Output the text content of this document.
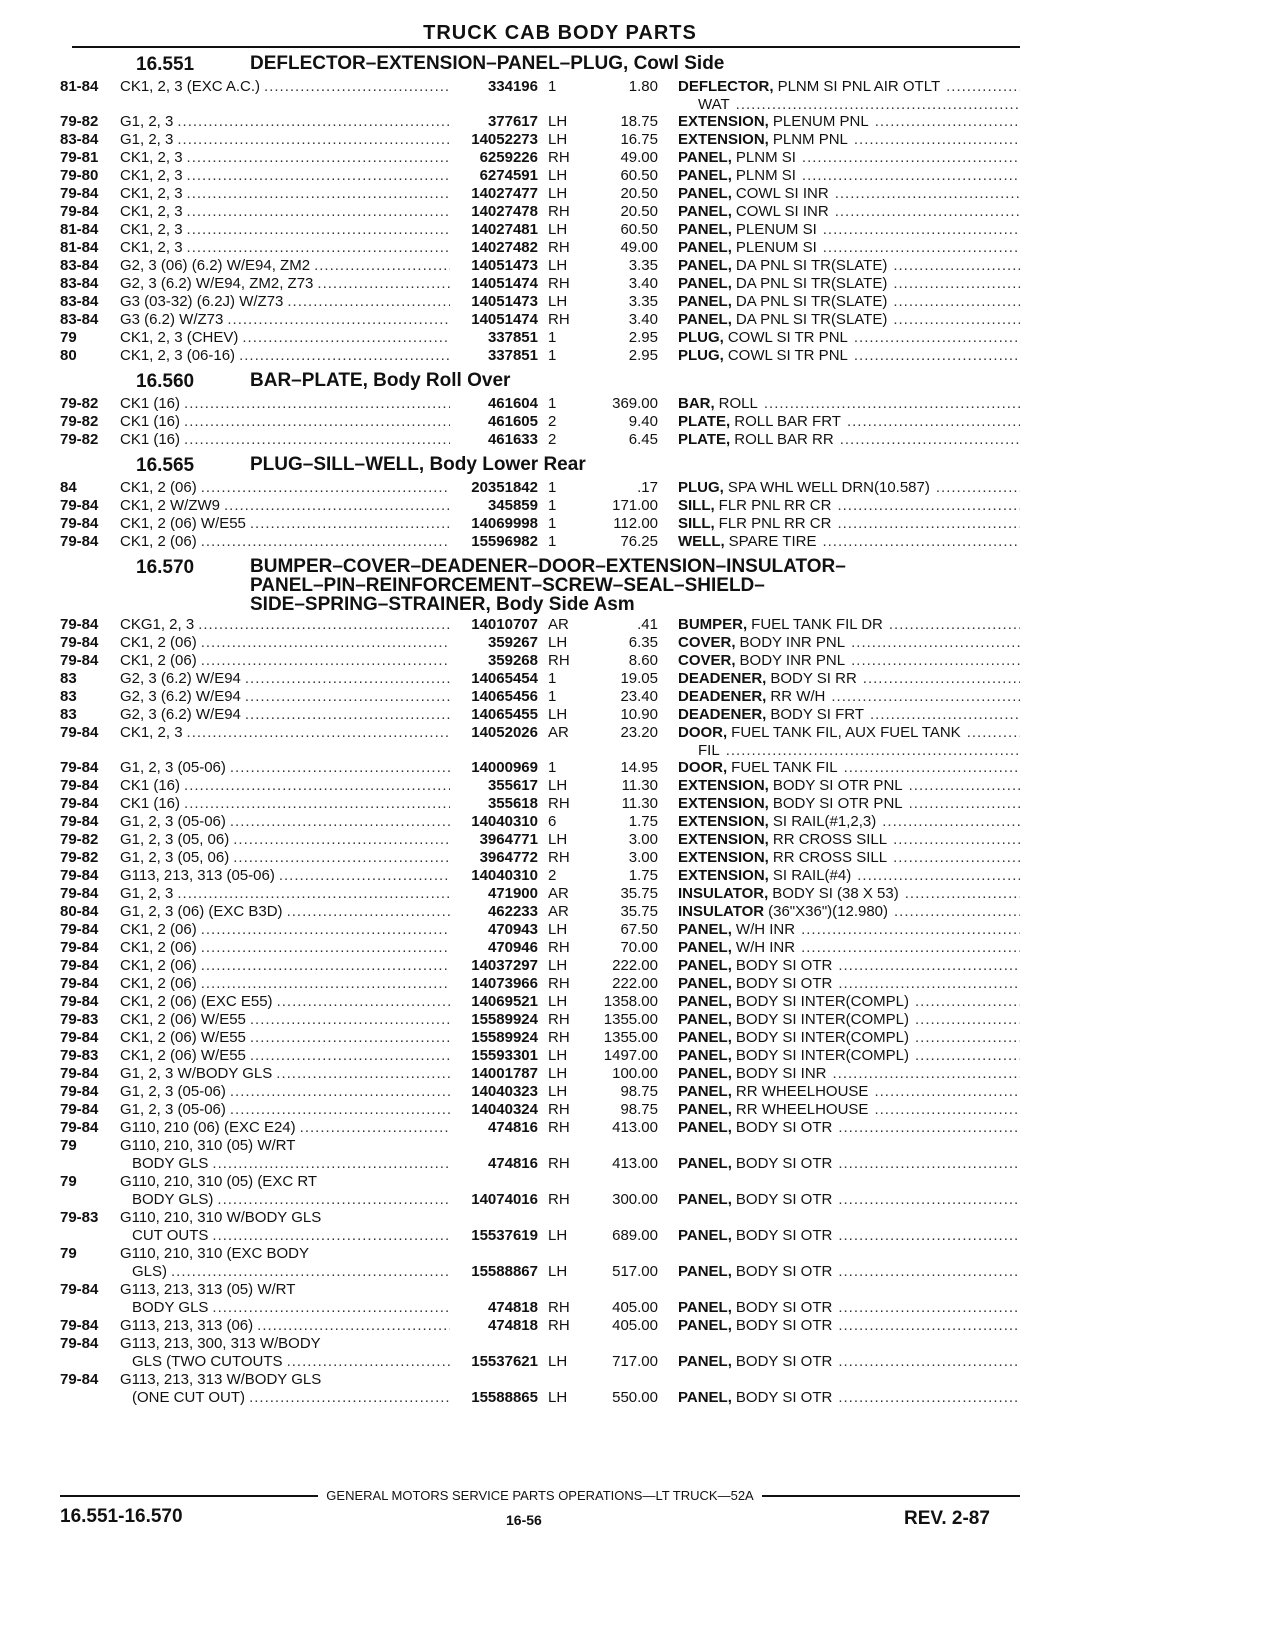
TRUCK CAB BODY PARTS
16.551	DEFLECTOR–EXTENSION–PANEL–PLUG, Cowl Side
81-84	CK1, 2, 3 (EXC A.C.) .....	334196 1	1.80 DEFLECTOR, PLNM SI PNL AIR OTLT
.....
WAT
.....
79-82	G1, 2, 3 .....	377617 LH	18.75 EXTENSION, PLENUM PNL
.....
83-84	G1, 2, 3 .....	14052273 LH	16.75 EXTENSION, PLNM PNL
.....
79-81	CK1, 2, 3 .....	6259226 RH	49.00 PANEL, PLNM SI
.....
79-80	CK1, 2, 3 .....	6274591 LH	60.50 PANEL, PLNM SI
.....
79-84	CK1, 2, 3 .....	14027477 LH	20.50 PANEL, COWL SI INR
.....
79-84	CK1, 2, 3 .....	14027478 RH	20.50 PANEL, COWL SI INR
.....
81-84	CK1, 2, 3 .....	14027481 LH	60.50 PANEL, PLENUM SI
.....
81-84	CK1, 2, 3 .....	14027482 RH	49.00 PANEL, PLENUM SI
.....
83-84	G2, 3 (06) (6.2) W/E94, ZM2 .....	14051473 LH	3.35 PANEL, DA PNL SI TR(SLATE)
.....
83-84	G2, 3 (6.2) W/E94, ZM2, Z73 .....	14051474 RH	3.40 PANEL, DA PNL SI TR(SLATE)
.....
83-84	G3 (03-32) (6.2J) W/Z73 .....	14051473 LH	3.35 PANEL, DA PNL SI TR(SLATE)
.....
83-84	G3 (6.2) W/Z73 .....	14051474 RH	3.40 PANEL, DA PNL SI TR(SLATE)
.....
79	CK1, 2, 3 (CHEV) .....	337851 1	2.95 PLUG, COWL SI TR PNL
.....
80	CK1, 2, 3 (06-16) .....	337851 1	2.95 PLUG, COWL SI TR PNL
.....
16.560	BAR–PLATE, Body Roll Over
79-82	CK1 (16) .....	461604 1	369.00 BAR, ROLL
.....
79-82	CK1 (16) .....	461605 2	9.40 PLATE, ROLL BAR FRT
.....
79-82	CK1 (16) .....	461633 2	6.45 PLATE, ROLL BAR RR
.....
16.565	PLUG–SILL–WELL, Body Lower Rear
84	CK1, 2 (06) .....	20351842 1	.17 PLUG, SPA WHL WELL DRN(10.587)
.....
79-84	CK1, 2 W/ZW9 .....	345859 1	171.00 SILL, FLR PNL RR CR
.....
79-84	CK1, 2 (06) W/E55 .....	14069998 1	112.00 SILL, FLR PNL RR CR
.....
79-84	CK1, 2 (06) .....	15596982 1	76.25 WELL, SPARE TIRE
.....
16.570	BUMPER–COVER–DEADENER–DOOR–EXTENSION–INSULATOR–
PANEL–PIN–REINFORCEMENT–SCREW–SEAL–SHIELD–
SIDE–SPRING–STRAINER, Body Side Asm
79-84	CKG1, 2, 3 .....	14010707 AR	.41 BUMPER, FUEL TANK FIL DR
.....
79-84	CK1, 2 (06) .....	359267 LH	6.35 COVER, BODY INR PNL
.....
79-84	CK1, 2 (06) .....	359268 RH	8.60 COVER, BODY INR PNL
.....
83	G2, 3 (6.2) W/E94 .....	14065454 1	19.05 DEADENER, BODY SI RR
.....
83	G2, 3 (6.2) W/E94 .....	14065456 1	23.40 DEADENER, RR W/H
.....
83	G2, 3 (6.2) W/E94 .....	14065455 LH	10.90 DEADENER, BODY SI FRT
.....
79-84	CK1, 2, 3 .....	14052026 AR	23.20 DOOR, FUEL TANK FIL, AUX FUEL TANK
.....
FIL
.....
79-84	G1, 2, 3 (05-06) .....	14000969 1	14.95 DOOR, FUEL TANK FIL
.....
79-84	CK1 (16) .....	355617 LH	11.30 EXTENSION, BODY SI OTR PNL
.....
79-84	CK1 (16) .....	355618 RH	11.30 EXTENSION, BODY SI OTR PNL
.....
79-84	G1, 2, 3 (05-06) .....	14040310 6	1.75 EXTENSION, SI RAIL(#1,2,3)
.....
79-82	G1, 2, 3 (05, 06) .....	3964771 LH	3.00 EXTENSION, RR CROSS SILL
.....
79-82	G1, 2, 3 (05, 06) .....	3964772 RH	3.00 EXTENSION, RR CROSS SILL
.....
79-84	G113, 213, 313 (05-06) .....	14040310 2	1.75 EXTENSION, SI RAIL(#4)
.....
79-84	G1, 2, 3 .....	471900 AR	35.75 INSULATOR, BODY SI (38 X 53)
.....
80-84	G1, 2, 3 (06) (EXC B3D) .....	462233 AR	35.75 INSULATOR (36"X36")(12.980)
.....
79-84	CK1, 2 (06) .....	470943 LH	67.50 PANEL, W/H INR
.....
79-84	CK1, 2 (06) .....	470946 RH	70.00 PANEL, W/H INR
.....
79-84	CK1, 2 (06) .....	14037297 LH	222.00 PANEL, BODY SI OTR
.....
79-84	CK1, 2 (06) .....	14073966 RH	222.00 PANEL, BODY SI OTR
.....
79-84	CK1, 2 (06) (EXC E55) .....	14069521 LH	1358.00 PANEL, BODY SI INTER(COMPL)
.....
79-83	CK1, 2 (06) W/E55 .....	15589924 RH	1355.00 PANEL, BODY SI INTER(COMPL)
.....
79-84	CK1, 2 (06) W/E55 .....	15589924 RH	1355.00 PANEL, BODY SI INTER(COMPL)
.....
79-83	CK1, 2 (06) W/E55 .....	15593301 LH	1497.00 PANEL, BODY SI INTER(COMPL)
.....
79-84	G1, 2, 3 W/BODY GLS .....	14001787 LH	100.00 PANEL, BODY SI INR
.....
79-84	G1, 2, 3 (05-06) .....	14040323 LH	98.75 PANEL, RR WHEELHOUSE
.....
79-84	G1, 2, 3 (05-06) .....	14040324 RH	98.75 PANEL, RR WHEELHOUSE
.....
79-84	G110, 210 (06) (EXC E24) .....	474816 RH	413.00 PANEL, BODY SI OTR
.....
79	G110, 210, 310 (05) W/RT
BODY GLS .....	474816 RH	413.00 PANEL, BODY SI OTR
.....
79	G110, 210, 310 (05) (EXC RT
BODY GLS) .....	14074016 RH	300.00 PANEL, BODY SI OTR
.....
79-83	G110, 210, 310 W/BODY GLS
CUT OUTS .....	15537619 LH	689.00 PANEL, BODY SI OTR
.....
79	G110, 210, 310 (EXC BODY
GLS) .....	15588867 LH	517.00 PANEL, BODY SI OTR
.....
79-84	G113, 213, 313 (05) W/RT
BODY GLS .....	474818 RH	405.00 PANEL, BODY SI OTR
.....
79-84	G113, 213, 313 (06) .....	474818 RH	405.00 PANEL, BODY SI OTR
.....
79-84	G113, 213, 300, 313 W/BODY
GLS (TWO CUTOUTS .....	15537621 LH	717.00 PANEL, BODY SI OTR
.....
79-84	G113, 213, 313 W/BODY GLS
(ONE CUT OUT) .....	15588865 LH	550.00 PANEL, BODY SI OTR
.....
GENERAL MOTORS SERVICE PARTS OPERATIONS—LT TRUCK—52A
16.551-16.570	16-56	REV. 2-87
